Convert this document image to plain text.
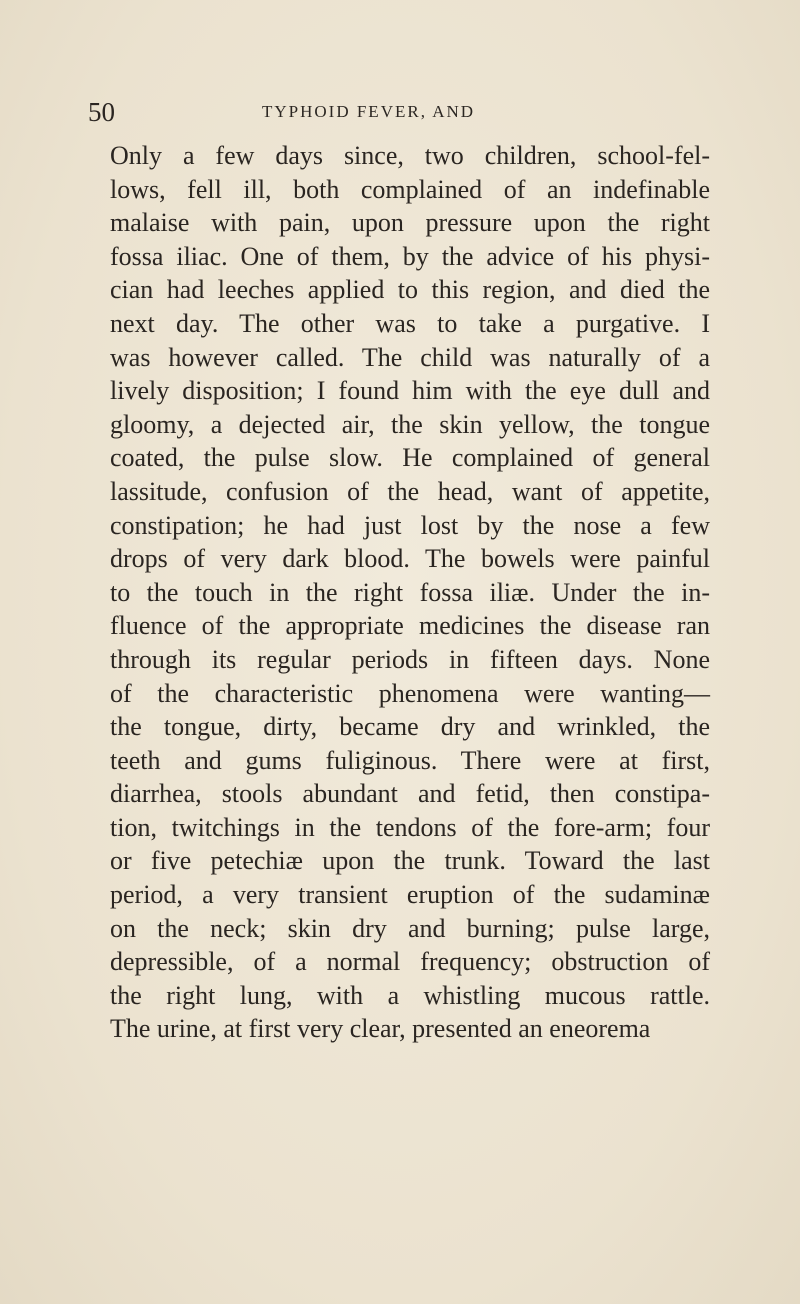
50	TYPHOID FEVER, AND
Only a few days since, two children, school-fel-
lows, fell ill, both complained of an indefinable
malaise with pain, upon pressure upon the right
fossa iliac. One of them, by the advice of his physi-
cian had leeches applied to this region, and died the
next day. The other was to take a purgative. I
was however called. The child was naturally of a
lively disposition; I found him with the eye dull and
gloomy, a dejected air, the skin yellow, the tongue
coated, the pulse slow. He complained of general
lassitude, confusion of the head, want of appetite,
constipation; he had just lost by the nose a few
drops of very dark blood. The bowels were painful
to the touch in the right fossa iliæ. Under the in-
fluence of the appropriate medicines the disease ran
through its regular periods in fifteen days. None
of the characteristic phenomena were wanting—
the tongue, dirty, became dry and wrinkled, the
teeth and gums fuliginous. There were at first,
diarrhea, stools abundant and fetid, then constipa-
tion, twitchings in the tendons of the fore-arm; four
or five petechiæ upon the trunk. Toward the last
period, a very transient eruption of the sudaminæ
on the neck; skin dry and burning; pulse large,
depressible, of a normal frequency; obstruction of
the right lung, with a whistling mucous rattle.
The urine, at first very clear, presented an eneorema
